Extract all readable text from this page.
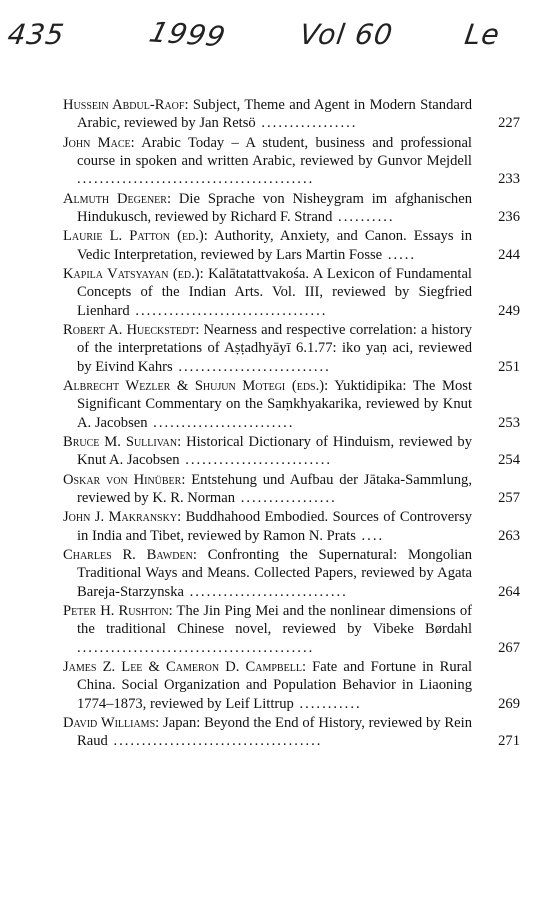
435	1999 Vol 60 Le
Hussein Abdul-Raof: Subject, Theme and Agent in Modern Standard Arabic, reviewed by Jan Retsö .................	227
John Mace: Arabic Today – A student, business and professional course in spoken and written Arabic, reviewed by Gunvor Mejdell ..........................................	233
Almuth Degener: Die Sprache von Nisheygram im afghanischen Hindukusch, reviewed by Richard F. Strand ..........	236
Laurie L. Patton (ed.): Authority, Anxiety, and Canon. Essays in Vedic Interpretation, reviewed by Lars Martin Fosse .....	244
Kapila Vatsyayan (ed.): Kalātatattvakośa. A Lexicon of Fundamental Concepts of the Indian Arts. Vol. III, reviewed by Siegfried Lienhard ..................................	249
Robert A. Hueckstedt: Nearness and respective correlation: a history of the interpretations of Aṣṭadhyāyī 6.1.77: iko yaṇ aci, reviewed by Eivind Kahrs ...........................	251
Albrecht Wezler & Shujun Motegi (eds.): Yuktidipika: The Most Significant Commentary on the Saṃkhyakarika, reviewed by Knut A. Jacobsen .........................	253
Bruce M. Sullivan: Historical Dictionary of Hinduism, reviewed by Knut A. Jacobsen ..........................	254
Oskar von Hinüber: Entstehung und Aufbau der Jātaka-Sammlung, reviewed by K. R. Norman .................	257
John J. Makransky: Buddhahood Embodied. Sources of Controversy in India and Tibet, reviewed by Ramon N. Prats ....	263
Charles R. Bawden: Confronting the Supernatural: Mongolian Traditional Ways and Means. Collected Papers, reviewed by Agata Bareja-Starzynska ............................	264
Peter H. Rushton: The Jin Ping Mei and the nonlinear dimensions of the traditional Chinese novel, reviewed by Vibeke Børdahl ..........................................	267
James Z. Lee & Cameron D. Campbell: Fate and Fortune in Rural China. Social Organization and Population Behavior in Liaoning 1774–1873, reviewed by Leif Littrup ...........	269
David Williams: Japan: Beyond the End of History, reviewed by Rein Raud .....................................	271
